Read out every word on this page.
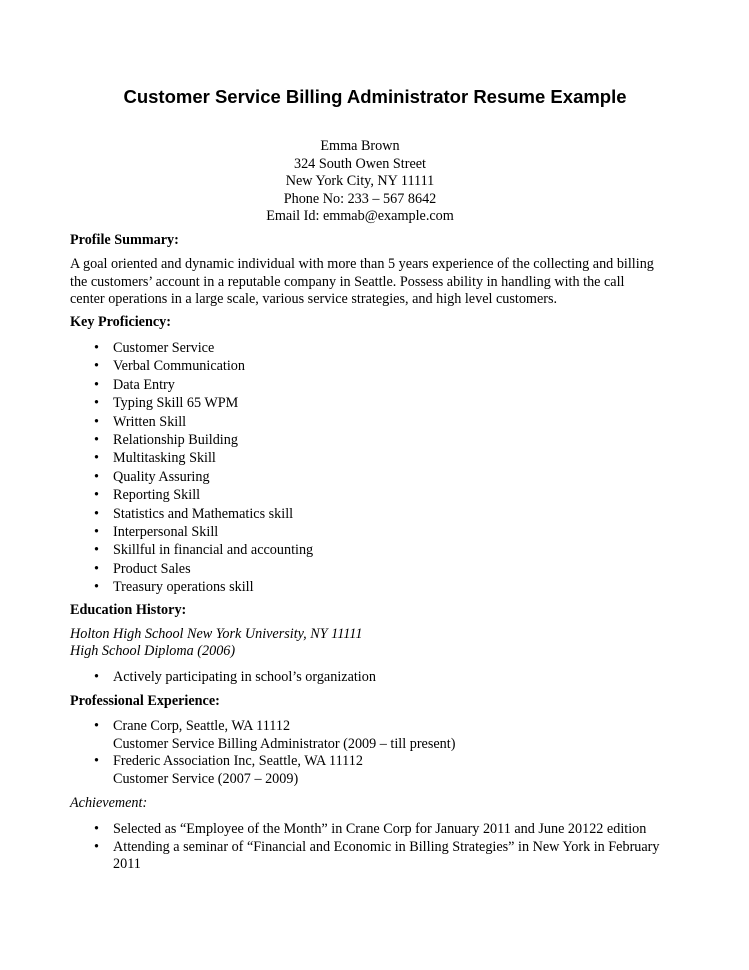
Customer Service Billing Administrator Resume Example
Emma Brown
324 South Owen Street
New York City, NY 11111
Phone No: 233 – 567 8642
Email Id: emmab@example.com
Profile Summary:
A goal oriented and dynamic individual with more than 5 years experience of the collecting and billing
the customers’ account in a reputable company in Seattle. Possess ability in handling with the call
center operations in a large scale, various service strategies, and high level customers.
Key Proficiency:
• Customer Service
• Verbal Communication
• Data Entry
• Typing Skill 65 WPM
• Written Skill
• Relationship Building
• Multitasking Skill
• Quality Assuring
• Reporting Skill
• Statistics and Mathematics skill
• Interpersonal Skill
• Skillful in financial and accounting
• Product Sales
• Treasury operations skill
Education History:
Holton High School New York University, NY 11111
High School Diploma (2006)
• Actively participating in school’s organization
Professional Experience:
• Crane Corp, Seattle, WA 11112
Customer Service Billing Administrator (2009 – till present)
• Frederic Association Inc, Seattle, WA 11112
Customer Service (2007 – 2009)
Achievement:
• Selected as “Employee of the Month” in Crane Corp for January 2011 and June 20122 edition
• Attending a seminar of “Financial and Economic in Billing Strategies” in New York in February
2011
